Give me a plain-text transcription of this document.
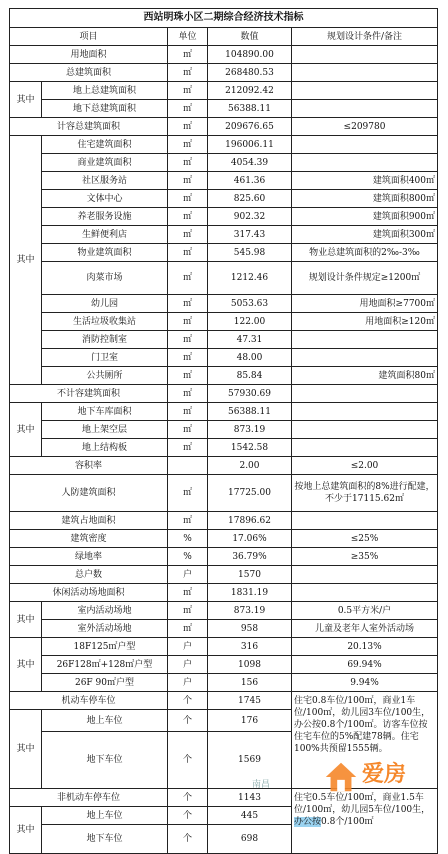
西站明珠小区二期综合经济技术指标				
项目		单位	数值	规划设计条件/备注
用地面积		㎡	104890.00	
总建筑面积		㎡	268480.53	
其中	地上总建筑面积	㎡	212092.42	
	地下总建筑面积	㎡	56388.11	
计容总建筑面积		㎡	209676.65	≤209780
其中	住宅建筑面积	㎡	196006.11	
	商业建筑面积	㎡	4054.39	
	社区服务站	㎡	461.36	建筑面积400㎡
	文体中心	㎡	825.60	建筑面积800㎡
	养老服务设施	㎡	902.32	建筑面积900㎡
	生鲜便利店	㎡	317.43	建筑面积300㎡
	物业建筑面积	㎡	545.98	物业总建筑面积的2‰-3‰
	肉菜市场	㎡	1212.46	规划设计条件规定≥1200㎡
	幼儿园	㎡	5053.63	用地面积≥7700㎡
	生活垃圾收集站	㎡	122.00	用地面积≥120㎡
	消防控制室	㎡	47.31	
	门卫室	㎡	48.00	
	公共厕所	㎡	85.84	建筑面积80㎡
不计容建筑面积		㎡	57930.69	
其中	地下车库面积	㎡	56388.11	
	地上架空层	㎡	873.19	
	地上结构板	㎡	1542.58	
容积率			2.00	≤2.00
人防建筑面积		㎡	17725.00	按地上总建筑面积的8%进行配建，不少于17115.62㎡
建筑占地面积		㎡	17896.62	
建筑密度		%	17.06%	≤25%
绿地率		%	36.79%	≥35%
总户数		户	1570	
休闲活动场地面积		㎡	1831.19	
其中	室内活动场地	㎡	873.19	0.5平方米/户
	室外活动场地	㎡	958	儿童及老年人室外活动场
其中	18F125㎡户型	户	316	20.13%
	26F128㎡+128㎡户型	户	1098	69.94%
	26F 90㎡户型	户	156	9.94%
机动车停车位		个	1745	住宅0.8车位/100㎡，商业1车位/100㎡，幼儿园3车位/100生，办公按0.8个/100㎡。访客车位按住宅车位的5%配建78辆。住宅100%共预留1555辆。
其中	地上车位	个	176	
	地下车位	个	1569	
非机动车停车位		个	1143	住宅0.5车位/100㎡，商业1.5车位/100㎡，幼儿园5车位/100生，办公按0.8个/100㎡
其中	地上车位	个	445	
	地下车位	个	698	
南昌	爱房
